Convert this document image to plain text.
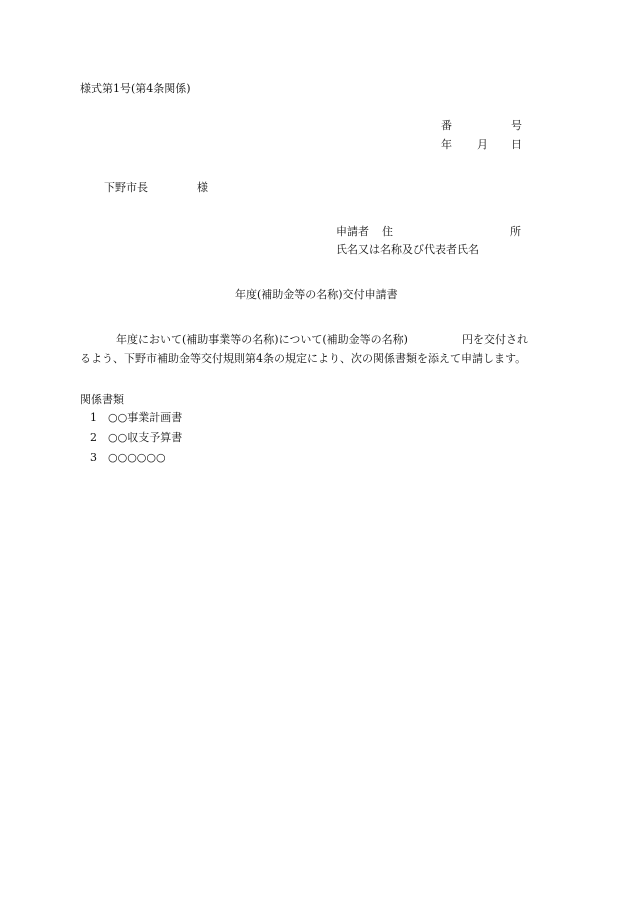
様式第1号(第4条関係)
番	号
年 月 日
下野市長	様
申請者 住	所
氏名又は名称及び代表者氏名
年度(補助金等の名称)交付申請書
年度において(補助事業等の名称)について(補助金等の名称)	円を交付され
るよう、下野市補助金等交付規則第4条の規定により、次の関係書類を添えて申請します。
関係書類
1 ○○事業計画書
2 ○○収支予算書
3 ○○○○○○
